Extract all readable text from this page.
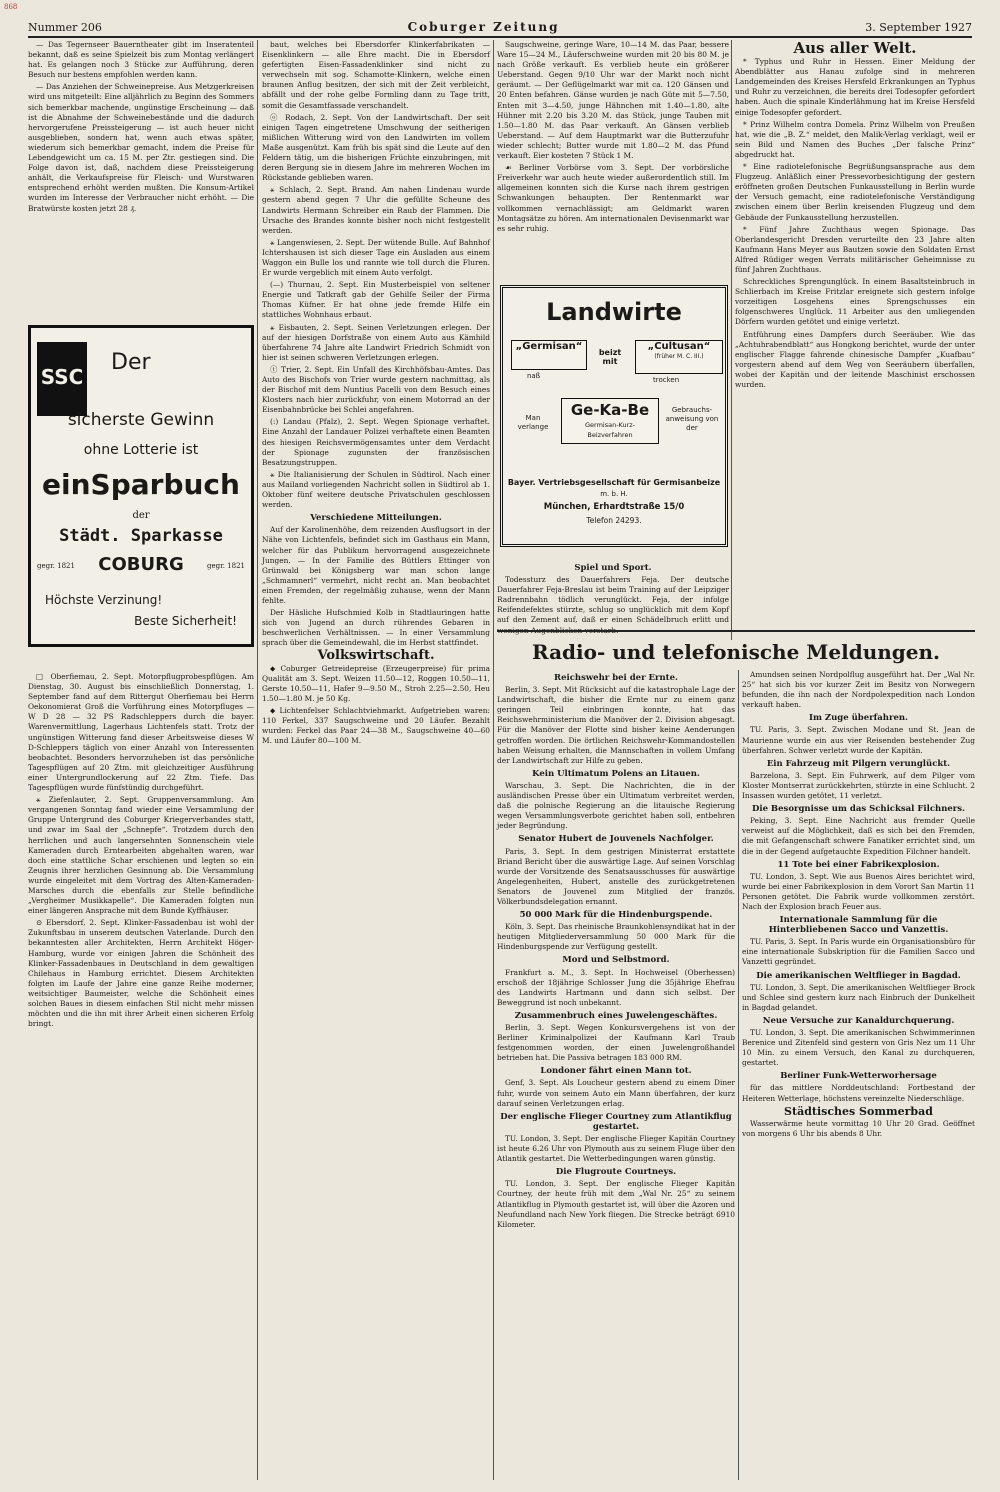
868
Nummer 206	Coburger Zeitung	3. September 1927

— Das Tegernseer Bauerntheater gibt im Inseratenteil bekannt, daß es seine Spielzeit bis zum Montag verlängert hat. Es gelangen noch 3 Stücke zur Aufführung, deren Besuch nur bestens empfohlen werden kann.

— Das Anziehen der Schweinepreise. Aus Metzgerkreisen wird uns mitgeteilt: Eine alljährlich zu Beginn des Sommers sich bemerkbar machende, ungünstige Erscheinung — daß ist die Abnahme der Schweinebestände und die dadurch hervorgerufene Preissteigerung — ist auch heuer nicht ausgeblieben, sondern hat, wenn auch etwas später, wiederum sich bemerkbar gemacht, indem die Preise für Lebendgewicht um ca. 15 M. per Ztr. gestiegen sind. Die Folge davon ist, daß, nachdem diese Preissteigerung anhält, die Verkaufspreise für Fleisch- und Wurstwaren entsprechend erhöht werden mußten. Die Konsum-Artikel wurden im Interesse der Verbraucher nicht erhöht. — Die Bratwürste kosten jetzt 28 ₰.

SSC
Der
sicherste Gewinn
ohne Lotterie ist
einSparbuch
der
Städt. Sparkasse
gegr. 1821	COBURG	gegr. 1821
Höchste Verzinung!
Beste Sicherheit!

□ Oberfiemau, 2. Sept. Motorpflugprobespflügen. Am Dienstag, 30. August bis einschließlich Donnerstag, 1. September fand auf dem Rittergut Oberfiemau bei Herrn Oekonomierat Groß die Vorführung eines Motorpfluges — W D 28 — 32 PS Radschleppers durch die bayer. Warenvermittlung, Lagerhaus Lichtenfels statt. Trotz der ungünstigen Witterung fand dieser Arbeitsweise dieses W D-Schleppers täglich von einer Anzahl von Interessenten beobachtet. Besonders hervorzuheben ist das persönliche Tagespflügen auf 20 Ztm. mit gleichzeitiger Ausführung einer Untergrundlockerung auf 22 Ztm. Tiefe. Das Tagespflügen wurde fünfstündig durchgeführt.

⚹ Ziefenlauter, 2. Sept. Gruppenversammlung. Am vergangenen Sonntag fand wieder eine Versammlung der Gruppe Untergrund des Coburger Kriegerverbandes statt, und zwar im Saal der „Schnepfe“. Trotzdem durch den herrlichen und auch langersehnten Sonnenschein viele Kameraden durch Erntearbeiten abgehalten waren, war doch eine stattliche Schar erschienen und legten so ein Zeugnis ihrer herzlichen Gesinnung ab. Die Versammlung wurde eingeleitet mit dem Vortrag des Alten-Kameraden-Marsches durch die ebenfalls zur Stelle befindliche „Vergheimer Musikkapelle“. Die Kameraden folgten nun einer längeren Ansprache mit dem Bunde Kyffhäuser.

⊙ Ebersdorf, 2. Sept. Klinker-Fassadenbau ist wohl der Zukunftsbau in unserem deutschen Vaterlande. Durch den bekanntesten aller Architekten, Herrn Architekt Höger-Hamburg, wurde vor einigen Jahren die Schönheit des Klinker-Fassadenbaues in Deutschland in dem gewaltigen Chilehaus in Hamburg errichtet. Diesem Architekten folgten im Laufe der Jahre eine ganze Reihe moderner, weitsichtiger Baumeister, welche die Schönheit eines solchen Baues in diesem einfachen Stil nicht mehr missen möchten und die ihn mit ihrer Arbeit einen sicheren Erfolg bringt.

baut, welches bei Ebersdorfer Klinkerfabrikaten — Eisenklinkern — alle Ehre macht. Die in Ebersdorf gefertigten Eisen-Fassadenklinker sind nicht zu verwechseln mit sog. Schamotte-Klinkern, welche einen braunen Anflug besitzen, der sich mit der Zeit verbleicht, abfällt und der rohe gelbe Formling dann zu Tage tritt, somit die Gesamtfassade verschandelt.

ⓞ Rodach, 2. Sept. Von der Landwirtschaft. Der seit einigen Tagen eingetretene Umschwung der seitherigen mißlichen Witterung wird von den Landwirten im vollem Maße ausgenützt. Kam früh bis spät sind die Leute auf den Feldern tätig, um die bisherigen Früchte einzubringen, mit deren Bergung sie in diesem Jahre im mehreren Wochen im Rückstande geblieben waren.

⚹ Schlach, 2. Sept. Brand. Am nahen Lindenau wurde gestern abend gegen 7 Uhr die gefüllte Scheune des Landwirts Hermann Schreiber ein Raub der Flammen. Die Ursache des Brandes konnte bisher noch nicht festgestellt werden.

⚹ Langenwiesen, 2. Sept. Der wütende Bulle. Auf Bahnhof Ichtershausen ist sich dieser Tage ein Ausladen aus einem Waggon ein Bulle los und rannte wie toll durch die Fluren. Er wurde vergeblich mit einem Auto verfolgt.

(—) Thurnau, 2. Sept. Ein Musterbeispiel von seltener Energie und Tatkraft gab der Gehilfe Seiler der Firma Thomas Küfner. Er hat ohne jede fremde Hilfe ein stattliches Wohnhaus erbaut.

⚹ Eisbauten, 2. Sept. Seinen Verletzungen erlegen. Der auf der hiesigen Dorfstraße von einem Auto aus Kämhild überfahrene 74 Jahre alte Landwirt Friedrich Schmidt von hier ist seinen schweren Verletzungen erlegen.

ⓣ Trier, 2. Sept. Ein Unfall des Kirchhöfsbau-Amtes. Das Auto des Bischofs von Trier wurde gestern nachmittag, als der Bischof mit dem Nuntius Pacelli von dem Besuch eines Klosters nach hier zurückfuhr, von einem Motorrad an der Eisenbahnbrücke bei Schlei angefahren.

(:) Landau (Pfalz), 2. Sept. Wegen Spionage verhaftet. Eine Anzahl der Landauer Polizei verhaftete einen Beamten des hiesigen Reichsvermögensamtes unter dem Verdacht der Spionage zugunsten der französischen Besatzungstruppen.

⚹ Die Italianisierung der Schulen in Südtirol. Nach einer aus Mailand vorliegenden Nachricht sollen in Südtirol ab 1. Oktober fünf weitere deutsche Privatschulen geschlossen werden.

Verschiedene Mitteilungen.

Auf der Karolinenhöhe, dem reizenden Ausflugsort in der Nähe von Lichtenfels, befindet sich im Gasthaus ein Mann, welcher für das Publikum hervorragend ausgezeichnete Jungen. — In der Familie des Büttlers Ettinger von Grünwald bei Königsberg war man schon lange „Schmamnerl“ vermehrt, nicht recht an. Man beobachtet einen Fremden, der regelmäßig zuhause, wenn der Mann fehlte.

Der Häsliche Hufschmied Kolb in Stadtlauringen hatte sich von Jugend an durch rührendes Gebaren in beschwerlichen Verhältnissen. — In einer Versammlung sprach über die Gemeindewahl, die im Herbst stattfindet.

Volkswirtschaft.

⬥ Coburger Getreidepreise (Erzeugerpreise) für prima Qualität am 3. Sept. Weizen 11.50—12, Roggen 10.50—11, Gerste 10.50—11, Hafer 9—9.50 M., Stroh 2.25—2.50, Heu 1.50—1.80 M. je 50 Kg.

⬥ Lichtenfelser Schlachtviehmarkt. Aufgetrieben waren: 110 Ferkel, 337 Saugschweine und 20 Läufer. Bezahlt wurden: Ferkel das Paar 24—38 M., Saugschweine 40—60 M. und Läufer 80—100 M.

Saugschweine, geringe Ware, 10—14 M. das Paar, bessere Ware 15—24 M., Läuferschweine wurden mit 20 bis 80 M. je nach Größe verkauft. Es verblieb heute ein größerer Ueberstand. Gegen 9/10 Uhr war der Markt noch nicht geräumt. — Der Geflügelmarkt war mit ca. 120 Gänsen und 20 Enten befahren. Gänse wurden je nach Güte mit 5—7.50, Enten mit 3—4.50, junge Hähnchen mit 1.40—1.80, alte Hühner mit 2.20 bis 3.20 M. das Stück, junge Tauben mit 1.50—1.80 M. das Paar verkauft. An Gänsen verblieb Ueberstand. — Auf dem Hauptmarkt war die Butterzufuhr wieder schlecht; Butter wurde mit 1.80—2 M. das Pfund verkauft. Eier kosteten 7 Stück 1 M.

☙ Berliner Vorbörse vom 3. Sept. Der vorbörsliche Freiverkehr war auch heute wieder außerordentlich still. Im allgemeinen konnten sich die Kurse nach ihrem gestrigen Schwankungen behaupten. Der Rentenmarkt war vollkommen vernachlässigt; am Geldmarkt waren Montagsätze zu hören. Am internationalen Devisenmarkt war es sehr ruhig.

Landwirte
„Germisan“
naß
beizt mit
„Cultusan“
(früher M. C. III.)
trocken
Man verlange
Ge-Ka-Be
Germisan-Kurz-Beizverfahren
Gebrauchs-anweisung von der
Bayer. Vertriebsgesellschaft für Germisanbeize
m. b. H.
München, Erhardtstraße 15/0
Telefon 24293.
Spiel und Sport.

Todessturz des Dauerfahrers Feja. Der deutsche Dauerfahrer Feja-Breslau ist beim Training auf der Leipziger Radrennbahn tödlich verunglückt. Feja, der infolge Reifendefektes stürzte, schlug so unglücklich mit dem Kopf auf den Zement auf, daß er einen Schädelbruch erlitt und

Aus aller Welt.

* Typhus und Ruhr in Hessen. Einer Meldung der Abendblätter aus Hanau zufolge sind in mehreren Landgemeinden des Kreises Hersfeld Erkrankungen an Typhus und Ruhr zu verzeichnen, die bereits drei Todesopfer gefordert haben. Auch die spinale Kinderlähmung hat im Kreise Hersfeld einige Todesopfer gefordert.

* Prinz Wilhelm contra Domela. Prinz Wilhelm von Preußen hat, wie die „B. Z.“ meldet, den Malik-Verlag verklagt, weil er sein Bild und Namen des Buches „Der falsche Prinz“ abgedruckt hat.

* Eine radiotelefonische Begrüßungsansprache aus dem Flugzeug. Anläßlich einer Pressevorbesichtigung der gestern eröffneten großen Deutschen Funkausstellung in Berlin wurde der Versuch gemacht, eine radiotelefonische Verständigung zwischen einem über Berlin kreisenden Flugzeug und dem Gebäude der Funkausstellung herzustellen.

* Fünf Jahre Zuchthaus wegen Spionage. Das Oberlandesgericht Dresden verurteilte den 23 Jahre alten Kaufmann Hans Meyer aus Bautzen sowie den Soldaten Ernst Alfred Rüdiger wegen Verrats militärischer Geheimnisse zu fünf Jahren Zuchthaus.

Schreckliches Sprengunglück. In einem Basaltsteinbruch in Schlierbach im Kreise Fritzlar ereignete sich gestern infolge vorzeitigen Losgehens eines Sprengschusses ein folgenschweres Unglück. 11 Arbeiter aus den umliegenden Dörfern wurden getötet und einige verletzt.

Entführung eines Dampfers durch Seeräuber. Wie das „Achtuhrabendblatt“ aus Hongkong berichtet, wurde der unter englischer Flagge fahrende chinesische Dampfer „Kuafbau“ vorgestern abend auf dem Weg von Seeräubern überfallen, wobei der Kapitän und der leitende Maschinist erschossen wurden.

Radio- und telefonische Meldungen.
Reichswehr bei der Ernte.

Berlin, 3. Sept. Mit Rücksicht auf die katastrophale Lage der Landwirtschaft, die bisher die Ernte nur zu einem ganz geringen Teil einbringen konnte, hat das Reichswehrministerium die Manöver der 2. Division abgesagt. Für die Manöver der Flotte sind bisher keine Aenderungen getroffen worden. Die örtlichen Reichswehr-Kommandostellen haben Weisung erhalten, die Mannschaften in vollem Umfang der Landwirtschaft zur Hilfe zu geben.

Kein Ultimatum Polens an Litauen.

Warschau, 3. Sept. Die Nachrichten, die in der ausländischen Presse über ein Ultimatum verbreitet werden, daß die polnische Regierung an die litauische Regierung wegen Versammlungsverbote gerichtet haben soll, entbehren jeder Begründung.

Senator Hubert de Jouvenels Nachfolger.

Paris, 3. Sept. In dem gestrigen Ministerrat erstattete Briand Bericht über die auswärtige Lage. Auf seinen Vorschlag wurde der Vorsitzende des Senatsausschusses für auswärtige Angelegenheiten, Hubert, anstelle des zurückgetretenen Senators de Jouvenel zum Mitglied der französ. Völkerbundsdelegation ernannt.

50 000 Mark für die Hindenburgspende.

Köln, 3. Sept. Das rheinische Braunkohlensyndikat hat in der heutigen Mitgliederversammlung 50 000 Mark für die Hindenburgspende zur Verfügung gestellt.

Mord und Selbstmord.

Frankfurt a. M., 3. Sept. In Hochweisel (Oberhessen) erschoß der 18jährige Schlosser Jung die 35jährige Ehefrau des Landwirts Hartmann und dann sich selbst. Der Beweggrund ist noch unbekannt.

Zusammenbruch eines Juwelengeschäftes.

Berlin, 3. Sept. Wegen Konkursvergehens ist von der Berliner Kriminalpolizei der Kaufmann Karl Traub festgenommen worden, der einen Juwelengroßhandel betrieben hat. Die Passiva betragen 183 000 RM.

Londoner fährt einen Mann tot.

Genf, 3. Sept. Als Loucheur gestern abend zu einem Diner fuhr, wurde von seinem Auto ein Mann überfahren, der kurz darauf seinen Verletzungen erlag.

Der englische Flieger Courtney zum Atlantikflug gestartet.

TU. London, 3. Sept. Der englische Flieger Kapitän Courtney ist heute 6.26 Uhr von Plymouth aus zu seinem Fluge über den Atlantik gestartet. Die Wetterbedingungen waren günstig.

Die Flugroute Courtneys.

TU. London, 3. Sept. Der englische Flieger Kapitän Courtney, der heute früh mit dem „Wal Nr. 25“ zu seinem Atlantikflug in Plymouth gestartet ist, will über die Azoren und Neufundland nach New York fliegen. Die Strecke beträgt 6910 Kilometer.

Amundsen seinen Nordpolflug ausgeführt hat. Der „Wal Nr. 25“ hat sich bis vor kurzer Zeit im Besitz von Norwegern befunden, die ihn nach der Nordpolexpedition nach London verkauft haben.

Im Zuge überfahren.

TU. Paris, 3. Sept. Zwischen Modane und St. Jean de Maurienne wurde ein aus vier Reisenden bestehender Zug überfahren. Schwer verletzt wurde der Kapitän.

Ein Fahrzeug mit Pilgern verunglückt.

Barzelona, 3. Sept. Ein Fuhrwerk, auf dem Pilger vom Kloster Montserrat zurückkehrten, stürzte in eine Schlucht. 2 Insassen wurden getötet, 11 verletzt.

Die Besorgnisse um das Schicksal Filchners.

Peking, 3. Sept. Eine Nachricht aus fremder Quelle verweist auf die Möglichkeit, daß es sich bei den Fremden, die mit Gefangenschaft schwere Fanatiker errichtet sind, um die in der Gegend aufgetauchte Expedition Filchner handelt.

11 Tote bei einer Fabrikexplosion.

TU. London, 3. Sept. Wie aus Buenos Aires berichtet wird, wurde bei einer Fabrikexplosion in dem Vorort San Martin 11 Personen getötet. Die Fabrik wurde vollkommen zerstört. Nach der Explosion brach Feuer aus.

Internationale Sammlung für die Hinterbliebenen Sacco und Vanzettis.

TU. Paris, 3. Sept. In Paris wurde ein Organisationsbüro für eine internationale Subskription für die Familien Sacco und Vanzetti gegründet.

Die amerikanischen Weltflieger in Bagdad.

TU. London, 3. Sept. Die amerikanischen Weltflieger Brock und Schlee sind gestern kurz nach Einbruch der Dunkelheit in Bagdad gelandet.

Neue Versuche zur Kanaldurchquerung.

TU. London, 3. Sept. Die amerikanischen Schwimmerinnen Berenice und Zitenfeld sind gestern von Gris Nez um 11 Uhr 10 Min. zu einem Versuch, den Kanal zu durchqueren, gestartet.

Berliner Funk-Wetterworhersage

für das mittlere Norddeutschland: Fortbestand der Heiteren Wetterlage, höchstens vereinzelte Niederschläge.

Städtisches Sommerbad

Wasserwärme heute vormittag 10 Uhr 20 Grad. Geöffnet von morgens 6 Uhr bis abends 8 Uhr.
